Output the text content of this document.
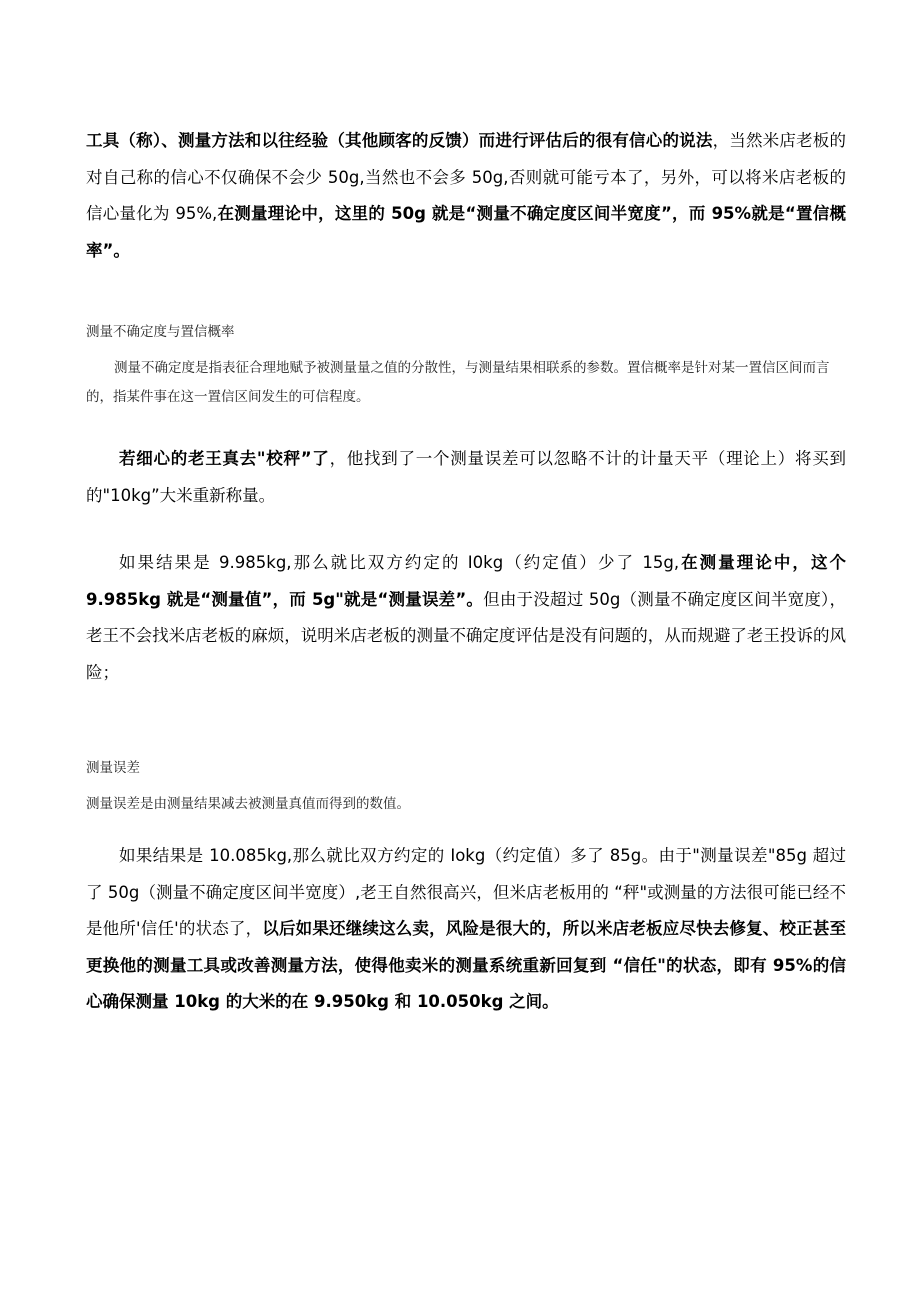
工具（称）、测量方法和以往经验（其他顾客的反馈）而进行评估后的很有信心的说法，当然米店老板的对自己称的信心不仅确保不会少 50g,当然也不会多 50g,否则就可能亏本了，另外，可以将米店老板的信心量化为 95%,在测量理论中，这里的 50g 就是“测量不确定度区间半宽度”，而 95%就是“置信概率”。

测量不确定度与置信概率
测量不确定度是指表征合理地赋予被测量量之值的分散性，与测量结果相联系的参数。置信概率是针对某一置信区间而言的，指某件事在这一置信区间发生的可信程度。

若细心的老王真去"校秤”了，他找到了一个测量误差可以忽略不计的计量天平（理论上）将买到的"10kg”大米重新称量。

如果结果是 9.985kg,那么就比双方约定的 I0kg（约定值）少了 15g,在测量理论中，这个 9.985kg 就是“测量值”，而 5g"就是“测量误差”。但由于没超过 50g（测量不确定度区间半宽度），老王不会找米店老板的麻烦，说明米店老板的测量不确定度评估是没有问题的，从而规避了老王投诉的风险；

测量误差
测量误差是由测量结果减去被测量真值而得到的数值。

如果结果是 10.085kg,那么就比双方约定的 Iokg（约定值）多了 85g。由于"测量误差"85g 超过了 50g（测量不确定度区间半宽度）,老王自然很高兴，但米店老板用的 “秤"或测量的方法很可能已经不是他所'信任'的状态了，以后如果还继续这么卖，风险是很大的，所以米店老板应尽快去修复、校正甚至更换他的测量工具或改善测量方法，使得他卖米的测量系统重新回复到 “信任"的状态，即有 95%的信心确保测量 10kg 的大米的在 9.950kg 和 10.050kg 之间。
